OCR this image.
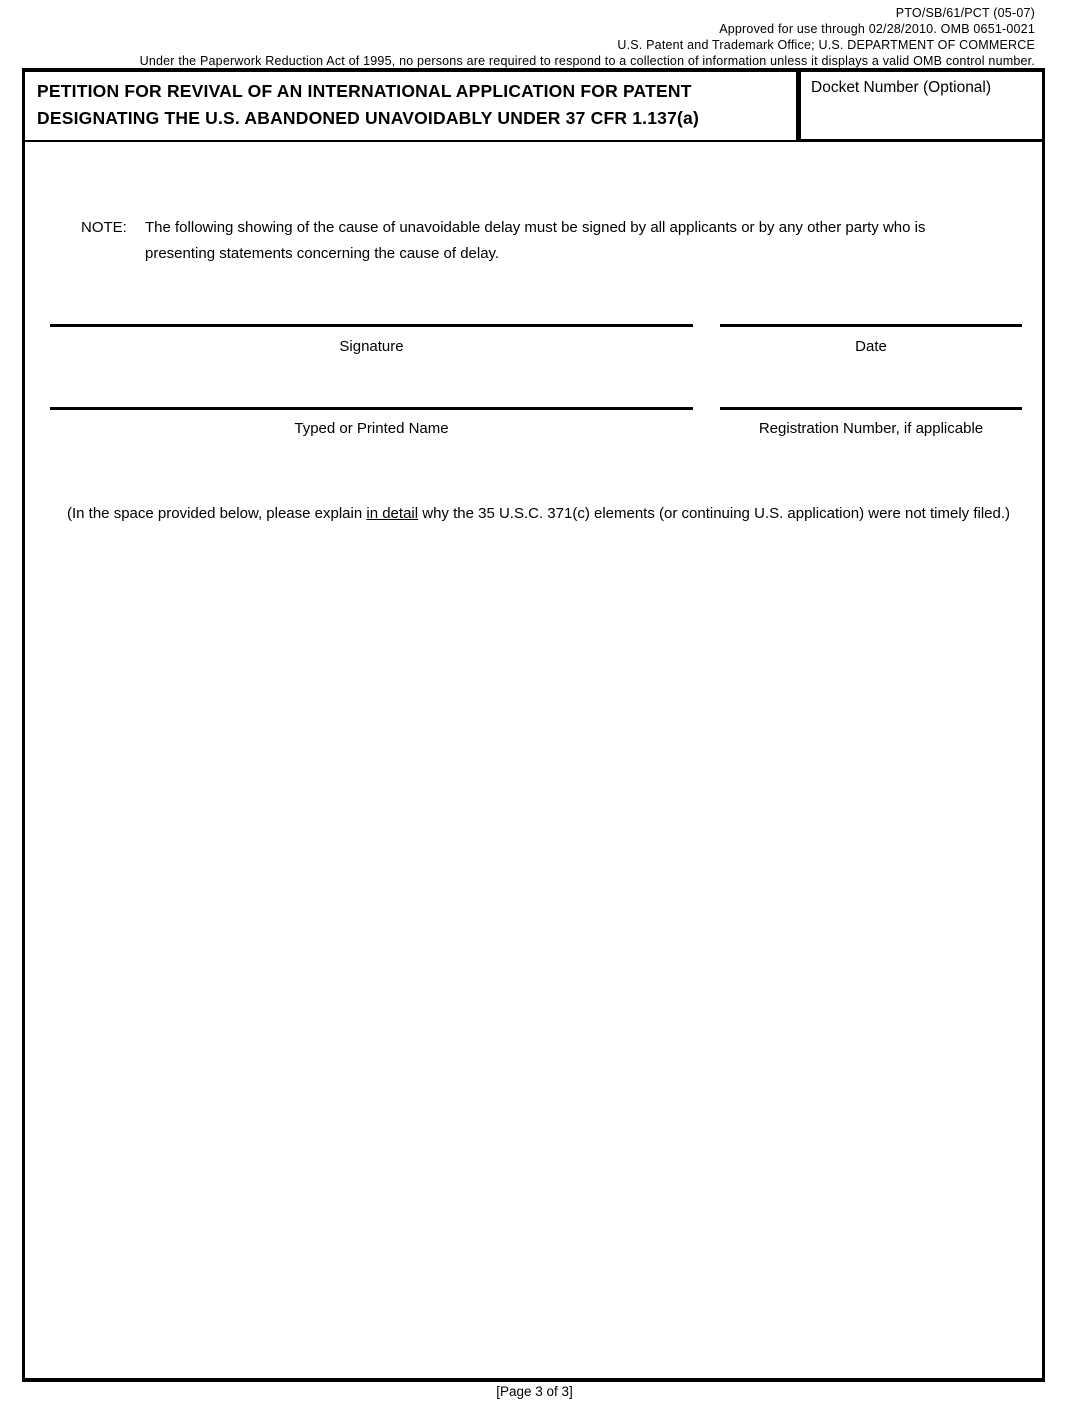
PTO/SB/61/PCT (05-07)
Approved for use through 02/28/2010. OMB 0651-0021
U.S. Patent and Trademark Office; U.S. DEPARTMENT OF COMMERCE
Under the Paperwork Reduction Act of 1995, no persons are required to respond to a collection of information unless it displays a valid OMB control number.
PETITION FOR REVIVAL OF AN INTERNATIONAL APPLICATION FOR PATENT DESIGNATING THE U.S. ABANDONED UNAVOIDABLY UNDER 37 CFR 1.137(a)
Docket Number (Optional)
NOTE:	The following showing of the cause of unavoidable delay must be signed by all applicants or by any other party who is presenting statements concerning the cause of delay.
Signature	Date
Typed or Printed Name	Registration Number, if applicable
(In the space provided below, please explain in detail why the 35 U.S.C. 371(c) elements (or continuing U.S. application) were not timely filed.)
[Page 3 of 3]
